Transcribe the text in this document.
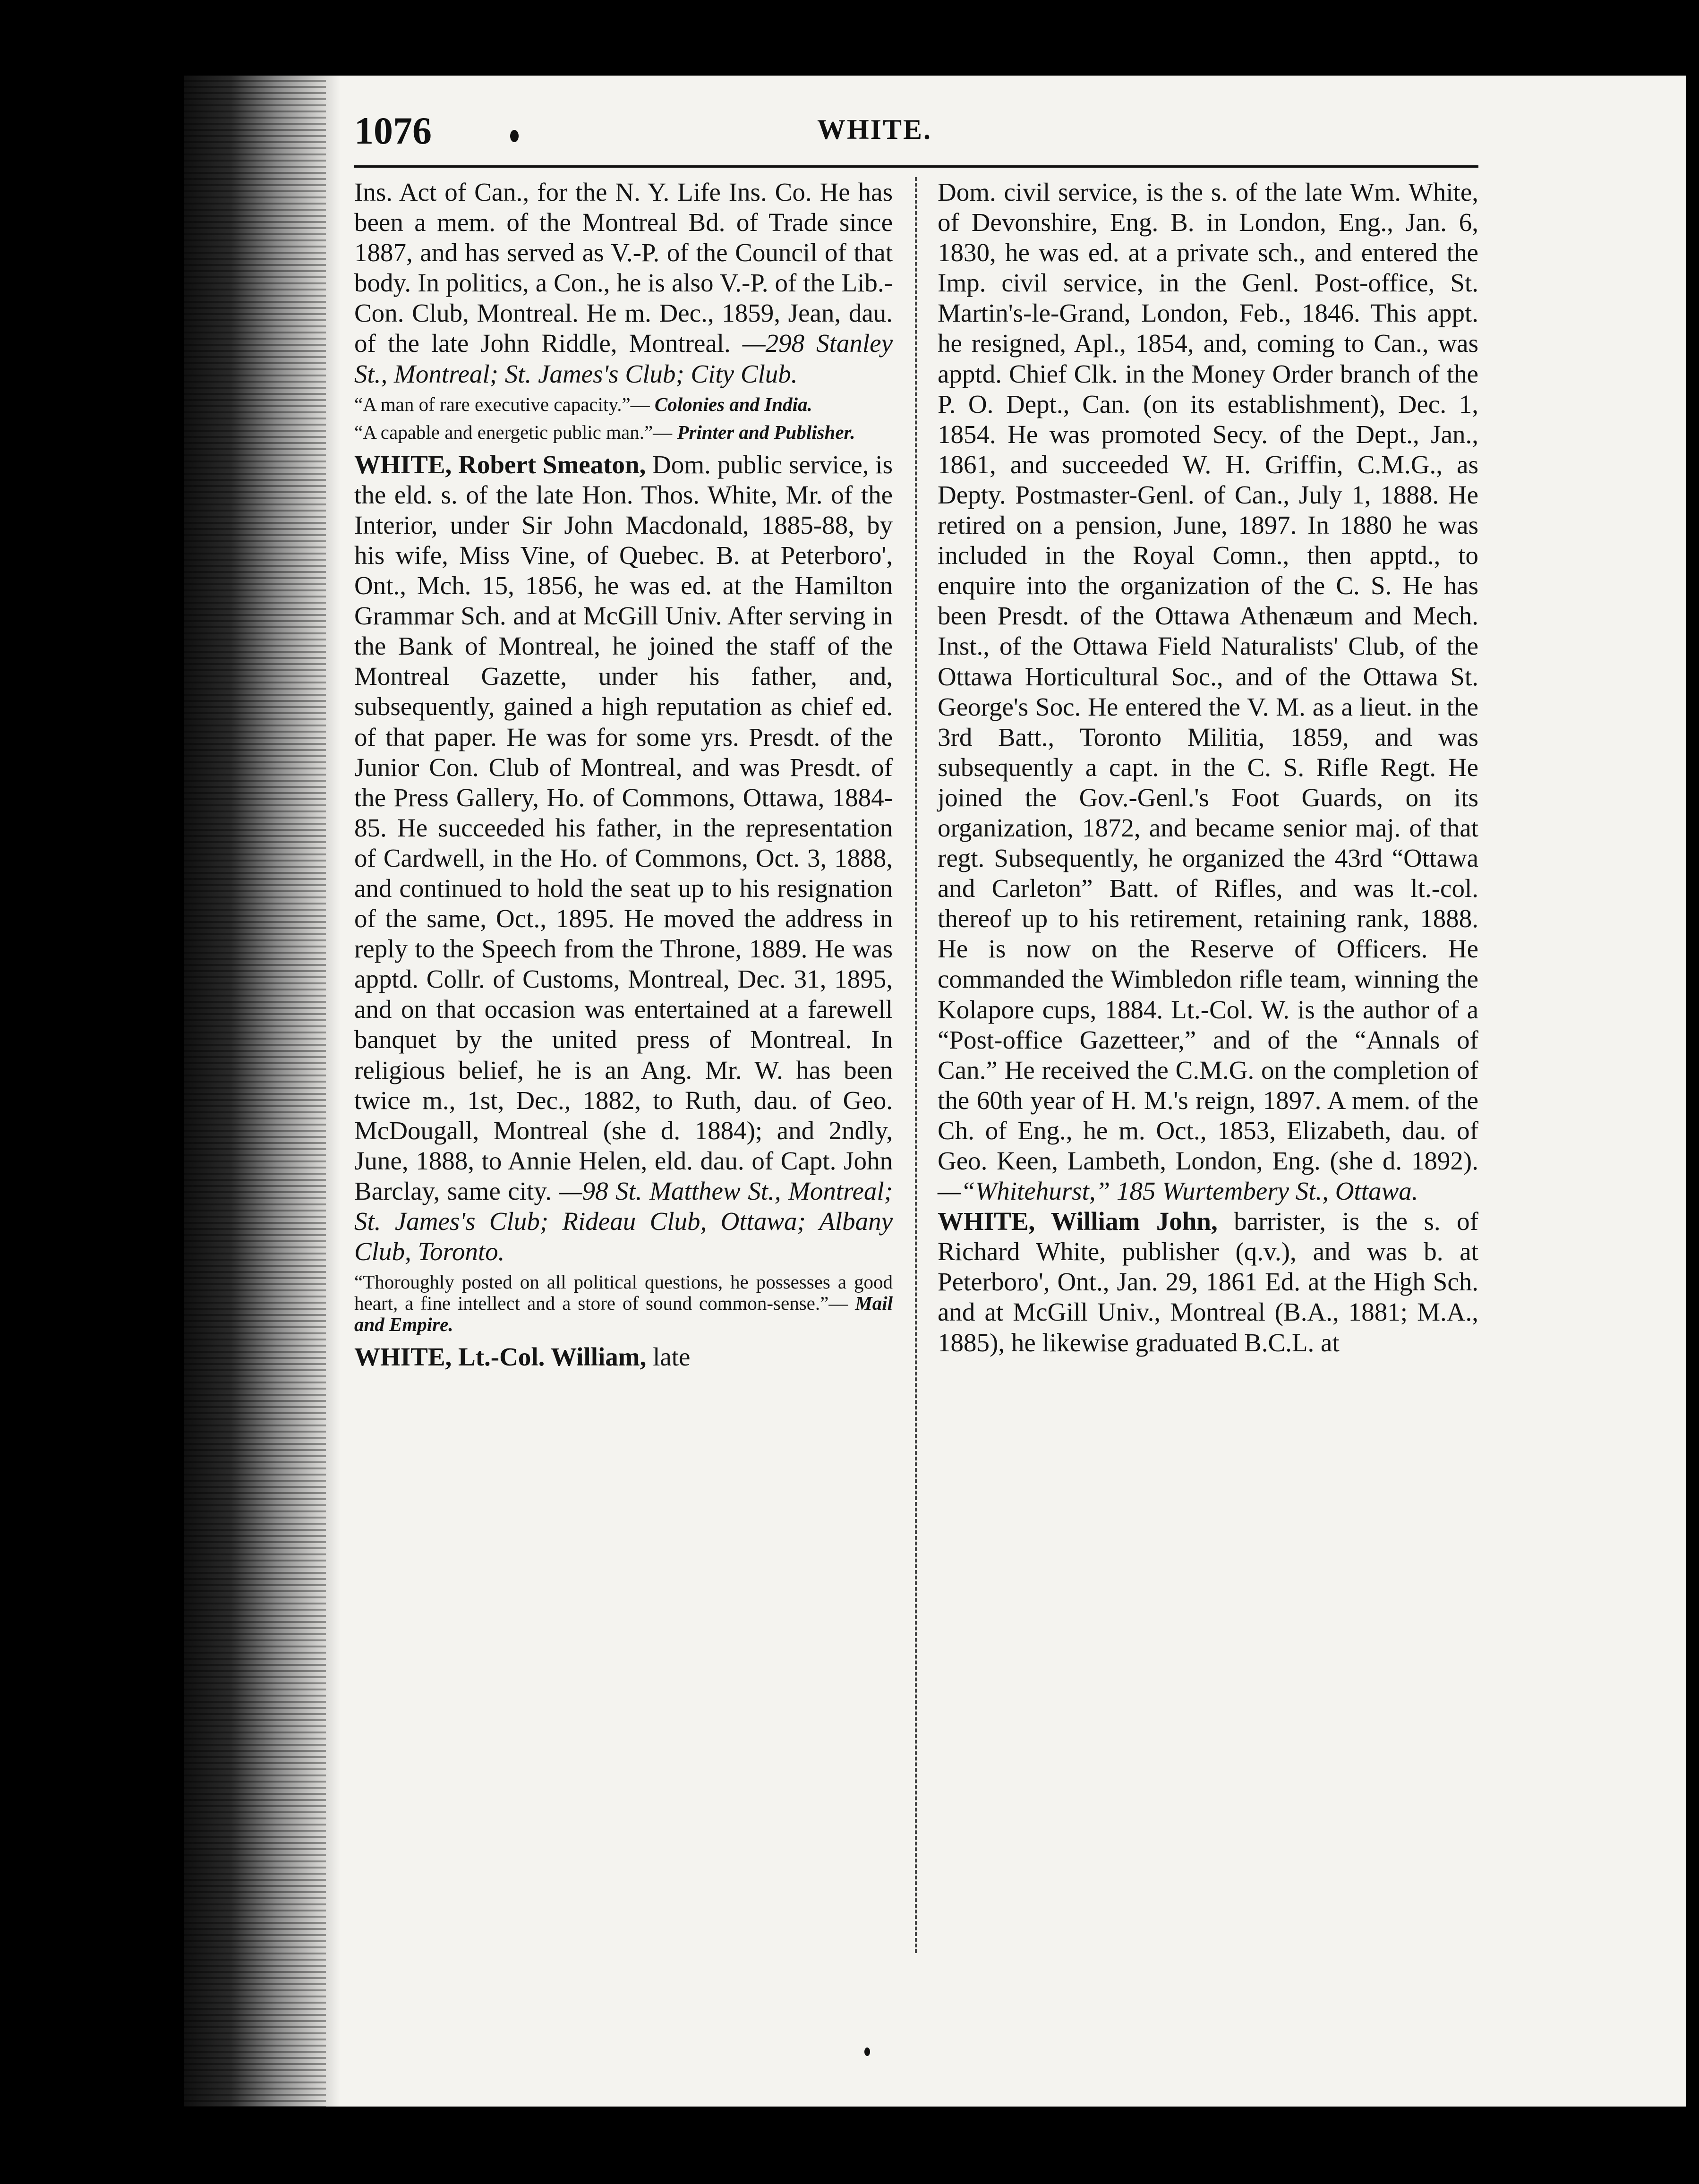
1076	WHITE.

Ins. Act of Can., for the N. Y. Life Ins. Co. He has been a mem. of the Montreal Bd. of Trade since 1887, and has served as V.-P. of the Council of that body. In politics, a Con., he is also V.-P. of the Lib.-Con. Club, Montreal. He m. Dec., 1859, Jean, dau. of the late John Riddle, Montreal. —298 Stanley St., Montreal; St. James's Club; City Club.

“A man of rare executive capacity.”— Colonies and India.

“A capable and energetic public man.”— Printer and Publisher.

WHITE, Robert Smeaton, Dom. public service, is the eld. s. of the late Hon. Thos. White, Mr. of the Interior, under Sir John Macdonald, 1885-88, by his wife, Miss Vine, of Quebec. B. at Peterboro', Ont., Mch. 15, 1856, he was ed. at the Hamilton Grammar Sch. and at McGill Univ. After serving in the Bank of Montreal, he joined the staff of the Montreal Gazette, under his father, and, subsequently, gained a high reputation as chief ed. of that paper. He was for some yrs. Presdt. of the Junior Con. Club of Montreal, and was Presdt. of the Press Gallery, Ho. of Commons, Ottawa, 1884-85. He succeeded his father, in the representation of Cardwell, in the Ho. of Commons, Oct. 3, 1888, and continued to hold the seat up to his resignation of the same, Oct., 1895. He moved the address in reply to the Speech from the Throne, 1889. He was apptd. Collr. of Customs, Montreal, Dec. 31, 1895, and on that occasion was entertained at a farewell banquet by the united press of Montreal. In religious belief, he is an Ang. Mr. W. has been twice m., 1st, Dec., 1882, to Ruth, dau. of Geo. McDougall, Montreal (she d. 1884); and 2ndly, June, 1888, to Annie Helen, eld. dau. of Capt. John Barclay, same city. —98 St. Matthew St., Montreal; St. James's Club; Rideau Club, Ottawa; Albany Club, Toronto.

“Thoroughly posted on all political questions, he possesses a good heart, a fine intellect and a store of sound common-sense.”— Mail and Empire.

WHITE, Lt.-Col. William, late

Dom. civil service, is the s. of the late Wm. White, of Devonshire, Eng. B. in London, Eng., Jan. 6, 1830, he was ed. at a private sch., and entered the Imp. civil service, in the Genl. Post-office, St. Martin's-le-Grand, London, Feb., 1846. This appt. he resigned, Apl., 1854, and, coming to Can., was apptd. Chief Clk. in the Money Order branch of the P. O. Dept., Can. (on its establishment), Dec. 1, 1854. He was promoted Secy. of the Dept., Jan., 1861, and succeeded W. H. Griffin, C.M.G., as Depty. Postmaster-Genl. of Can., July 1, 1888. He retired on a pension, June, 1897. In 1880 he was included in the Royal Comn., then apptd., to enquire into the organization of the C. S. He has been Presdt. of the Ottawa Athenæum and Mech. Inst., of the Ottawa Field Naturalists' Club, of the Ottawa Horticultural Soc., and of the Ottawa St. George's Soc. He entered the V. M. as a lieut. in the 3rd Batt., Toronto Militia, 1859, and was subsequently a capt. in the C. S. Rifle Regt. He joined the Gov.-Genl.'s Foot Guards, on its organization, 1872, and became senior maj. of that regt. Subsequently, he organized the 43rd “Ottawa and Carleton” Batt. of Rifles, and was lt.-col. thereof up to his retirement, retaining rank, 1888. He is now on the Reserve of Officers. He commanded the Wimbledon rifle team, winning the Kolapore cups, 1884. Lt.-Col. W. is the author of a “Post-office Gazetteer,” and of the “Annals of Can.” He received the C.M.G. on the completion of the 60th year of H. M.'s reign, 1897. A mem. of the Ch. of Eng., he m. Oct., 1853, Elizabeth, dau. of Geo. Keen, Lambeth, London, Eng. (she d. 1892). —“Whitehurst,” 185 Wurtembery St., Ottawa.

WHITE, William John, barrister, is the s. of Richard White, publisher (q.v.), and was b. at Peterboro', Ont., Jan. 29, 1861 Ed. at the High Sch. and at McGill Univ., Montreal (B.A., 1881; M.A., 1885), he likewise graduated B.C.L. at
